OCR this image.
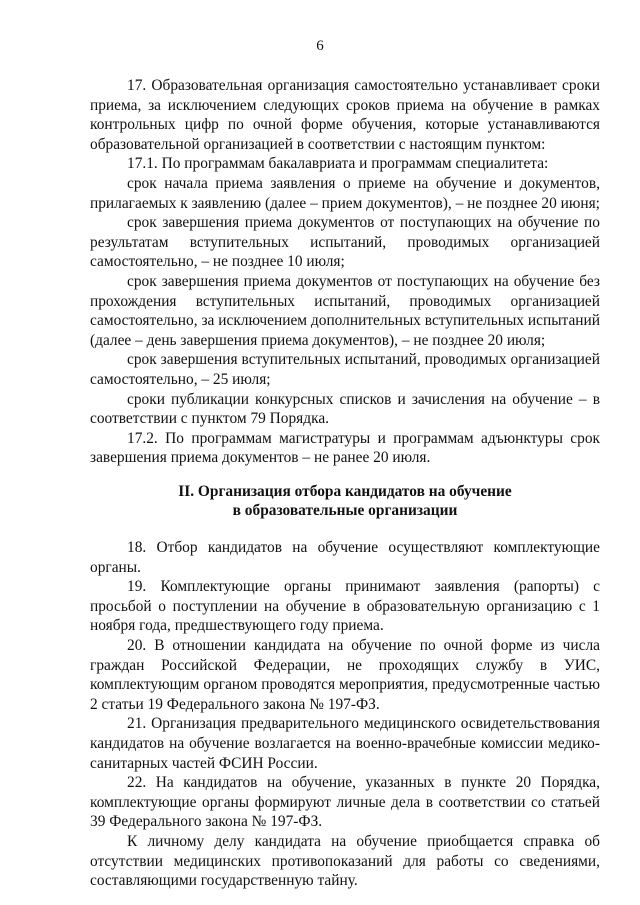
6

17. Образовательная организация самостоятельно устанавливает сроки приема, за исключением следующих сроков приема на обучение в рамках контрольных цифр по очной форме обучения, которые устанавливаются образовательной организацией в соответствии с настоящим пунктом:

17.1. По программам бакалавриата и программам специалитета:

срок начала приема заявления о приеме на обучение и документов, прилагаемых к заявлению (далее – прием документов), – не позднее 20 июня;

срок завершения приема документов от поступающих на обучение по результатам вступительных испытаний, проводимых организацией самостоятельно, – не позднее 10 июля;

срок завершения приема документов от поступающих на обучение без прохождения вступительных испытаний, проводимых организацией самостоятельно, за исключением дополнительных вступительных испытаний (далее – день завершения приема документов), – не позднее 20 июля;

срок завершения вступительных испытаний, проводимых организацией самостоятельно, – 25 июля;

сроки публикации конкурсных списков и зачисления на обучение – в соответствии с пунктом 79 Порядка.

17.2. По программам магистратуры и программам адъюнктуры срок завершения приема документов – не ранее 20 июля.

II. Организация отбора кандидатов на обучение
в образовательные организации

18. Отбор кандидатов на обучение осуществляют комплектующие органы.

19. Комплектующие органы принимают заявления (рапорты) с просьбой о поступлении на обучение в образовательную организацию с 1 ноября года, предшествующего году приема.

20. В отношении кандидата на обучение по очной форме из числа граждан Российской Федерации, не проходящих службу в УИС, комплектующим органом проводятся мероприятия, предусмотренные частью 2 статьи 19 Федерального закона № 197-ФЗ.

21. Организация предварительного медицинского освидетельствования кандидатов на обучение возлагается на военно-врачебные комиссии медико-санитарных частей ФСИН России.

22. На кандидатов на обучение, указанных в пункте 20 Порядка, комплектующие органы формируют личные дела в соответствии со статьей 39 Федерального закона № 197-ФЗ.

К личному делу кандидата на обучение приобщается справка об отсутствии медицинских противопоказаний для работы со сведениями, составляющими государственную тайну.
